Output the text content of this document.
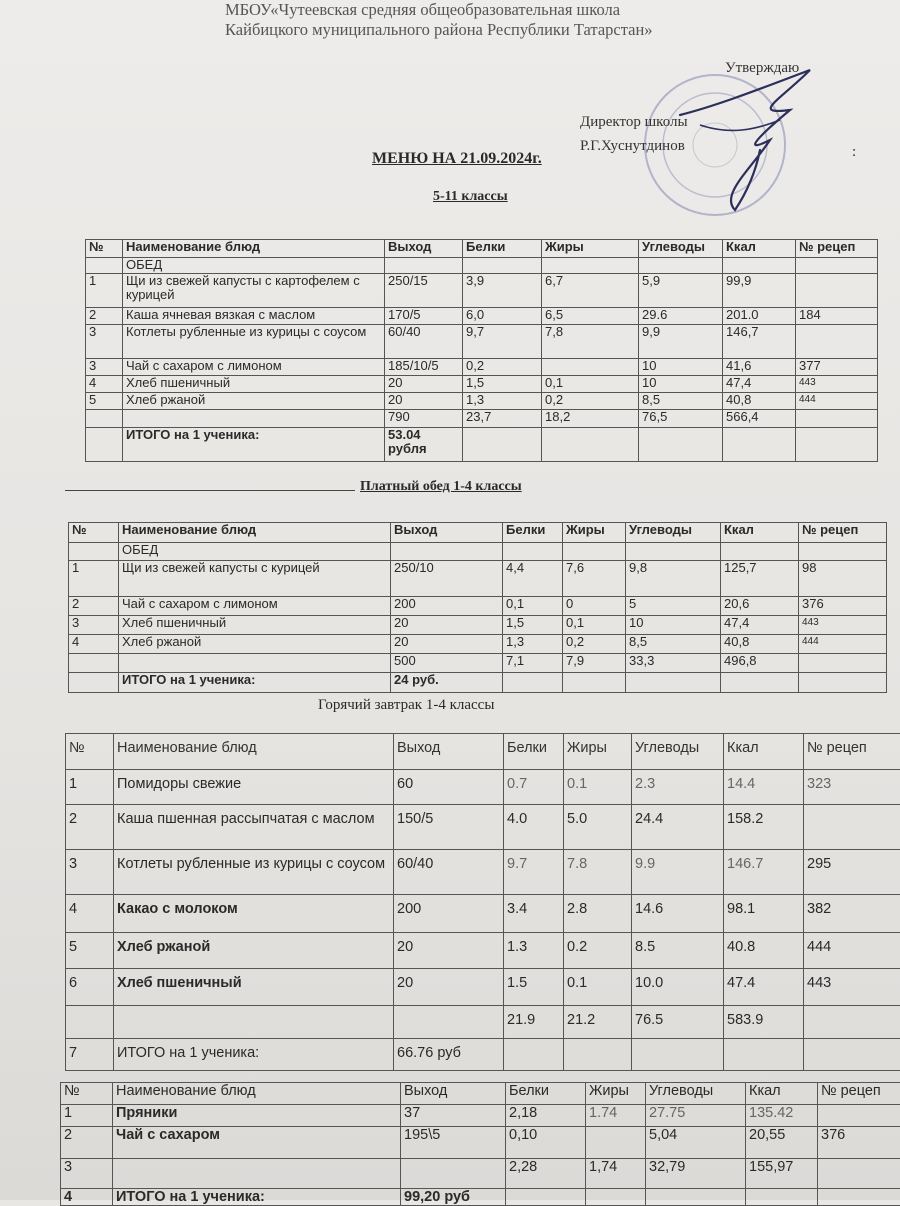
МБОУ«Чутеевская средняя общеобразовательная школа
Кайбицкого муниципального района Республики Татарстан»
Утверждаю
Директор школы
Р.Г.Хуснутдинов	:
МЕНЮ НА 21.09.2024г.
5-11 классы
№	Наименование блюд	Выход	Белки	Жиры	Углеводы	Ккал	№ рецеп
	ОБЕД						
1	Щи из свежей капусты с картофелем с курицей	250/15	3,9	6,7	5,9	99,9	
2	Каша ячневая вязкая с маслом	170/5	6,0	6,5	29.6	201.0	184
3	Котлеты рубленные из курицы с соусом	60/40	9,7	7,8	9,9	146,7	
3	Чай с сахаром с лимоном	185/10/5	0,2		10	41,6	377
4	Хлеб пшеничный	20	1,5	0,1	10	47,4	443
5	Хлеб ржаной	20	1,3	0,2	8,5	40,8	444
		790	23,7	18,2	76,5	566,4	
	ИТОГО на 1 ученика:	53.04 рубля					
Платный обед 1-4 классы
№	Наименование блюд	Выход	Белки	Жиры	Углеводы	Ккал	№ рецеп
	ОБЕД						
1	Щи из свежей капусты с курицей	250/10	4,4	7,6	9,8	125,7	98
2	Чай с сахаром с лимоном	200	0,1	0	5	20,6	376
3	Хлеб пшеничный	20	1,5	0,1	10	47,4	443
4	Хлеб ржаной	20	1,3	0,2	8,5	40,8	444
		500	7,1	7,9	33,3	496,8	
	ИТОГО на 1 ученика:	24 руб.					
Горячий завтрак 1-4 классы
№	Наименование блюд	Выход	Белки	Жиры	Углеводы	Ккал	№ рецеп
1	Помидоры свежие	60	0.7	0.1	2.3	14.4	323
2	Каша пшенная рассыпчатая с маслом	150/5	4.0	5.0	24.4	158.2	
3	Котлеты рубленные из курицы с соусом	60/40	9.7	7.8	9.9	146.7	295
4	Какао с молоком	200	3.4	2.8	14.6	98.1	382
5	Хлеб ржаной	20	1.3	0.2	8.5	40.8	444
6	Хлеб пшеничный	20	1.5	0.1	10.0	47.4	443
			21.9	21.2	76.5	583.9	
7	ИТОГО на 1 ученика:	66.76 руб					
№	Наименование блюд	Выход	Белки	Жиры	Углеводы	Ккал	№ рецеп
1	Пряники	37	2,18	1.74	27.75	135.42	
2	Чай с сахаром	195\5	0,10		5,04	20,55	376
3			2,28	1,74	32,79	155,97	
4	ИТОГО на 1 ученика:	99,20 руб					
